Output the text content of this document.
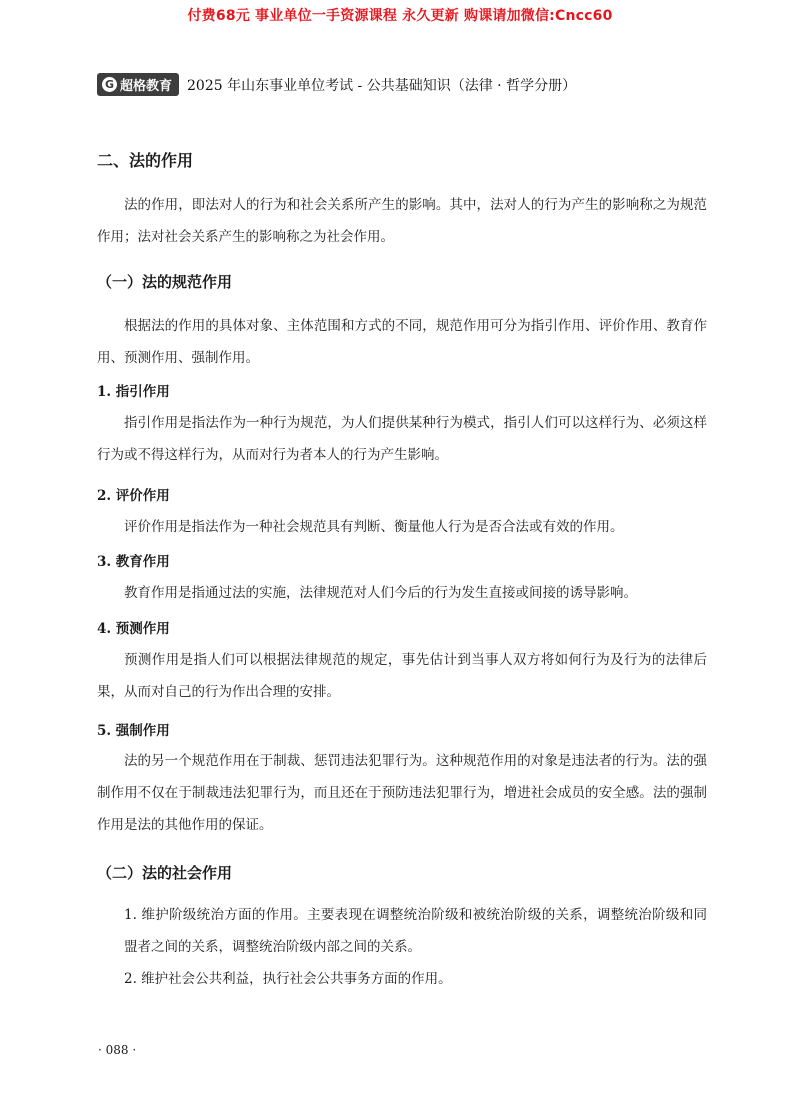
付费68元 事业单位一手资源课程 永久更新 购课请加微信:Cncc60
G 超格教育 2025 年山东事业单位考试 - 公共基础知识（法律 · 哲学分册）
二、法的作用
法的作用，即法对人的行为和社会关系所产生的影响。其中，法对人的行为产生的影响称之为规范作用；法对社会关系产生的影响称之为社会作用。
（一）法的规范作用
根据法的作用的具体对象、主体范围和方式的不同，规范作用可分为指引作用、评价作用、教育作用、预测作用、强制作用。
1. 指引作用
指引作用是指法作为一种行为规范，为人们提供某种行为模式，指引人们可以这样行为、必须这样行为或不得这样行为，从而对行为者本人的行为产生影响。
2. 评价作用
评价作用是指法作为一种社会规范具有判断、衡量他人行为是否合法或有效的作用。
3. 教育作用
教育作用是指通过法的实施，法律规范对人们今后的行为发生直接或间接的诱导影响。
4. 预测作用
预测作用是指人们可以根据法律规范的规定，事先估计到当事人双方将如何行为及行为的法律后果，从而对自己的行为作出合理的安排。
5. 强制作用
法的另一个规范作用在于制裁、惩罚违法犯罪行为。这种规范作用的对象是违法者的行为。法的强制作用不仅在于制裁违法犯罪行为，而且还在于预防违法犯罪行为，增进社会成员的安全感。法的强制作用是法的其他作用的保证。
（二）法的社会作用
1. 维护阶级统治方面的作用。主要表现在调整统治阶级和被统治阶级的关系，调整统治阶级和同盟者之间的关系，调整统治阶级内部之间的关系。
2. 维护社会公共利益，执行社会公共事务方面的作用。
· 088 ·
